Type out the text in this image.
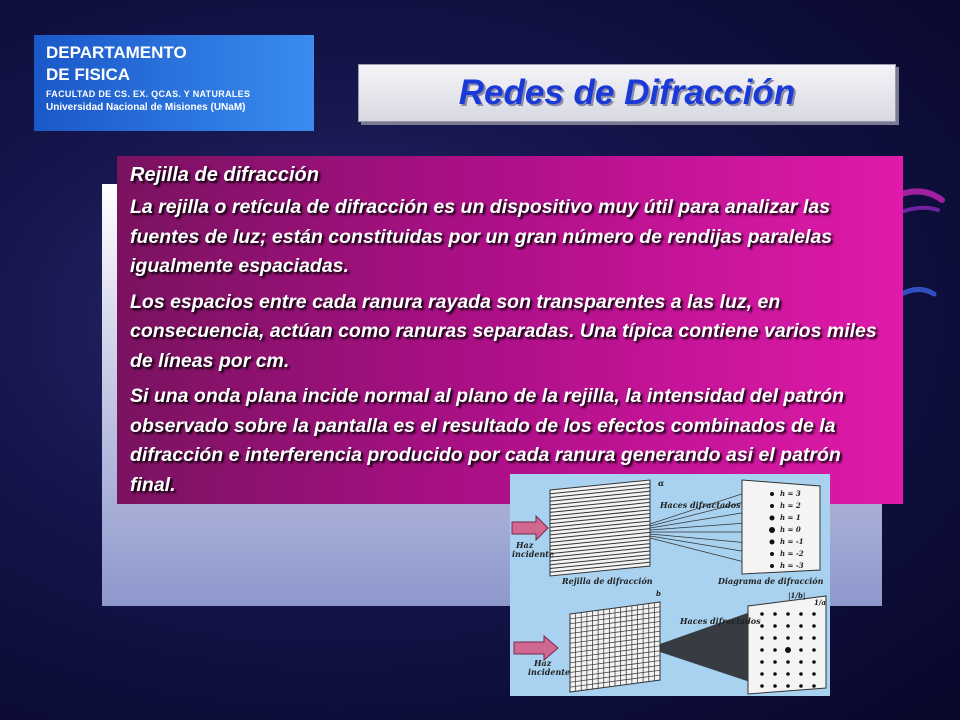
DEPARTAMENTO
DE FISICA
FACULTAD DE CS. EX. QCAS. Y NATURALES
Universidad Nacional de Misiones (UNaM)	Redes de Difracción
Rejilla de difracción

La rejilla o retícula de difracción es un dispositivo muy útil para analizar las fuentes de luz; están constituidas por un gran número de rendijas paralelas igualmente espaciadas.

Los espacios entre cada ranura rayada son transparentes a las luz, en consecuencia, actúan como ranuras separadas. Una típica contiene varios miles de líneas por cm.

Si una onda plana incide normal al plano de la rejilla, la intensidad del patrón observado sobre la pantalla es el resultado de los efectos combinados de la difracción e interferencia producido por cada ranura generando asi el patrón final.	h = 3
h = 2
h = 1
h = 0
h = -1
h = -2
h = -3
Haces difractados
α
Haz
incidente
Rejilla de difracción	Diagrama de difracción
Haces difractados
|1/b|
1/a
b
Haz
incidente
